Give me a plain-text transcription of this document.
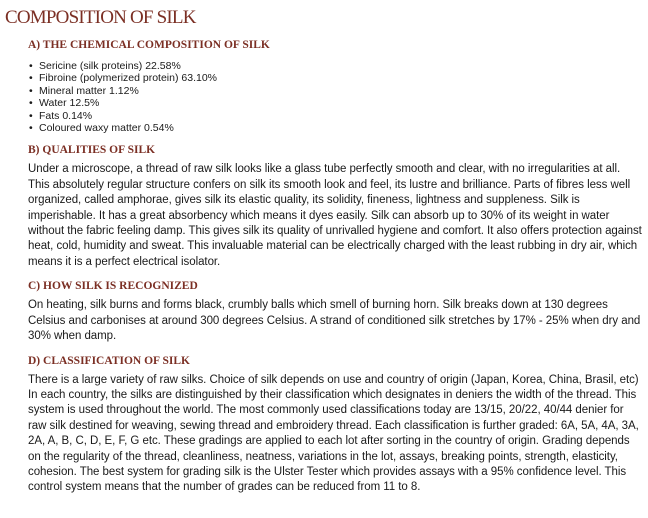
COMPOSITION OF SILK
A) THE CHEMICAL COMPOSITION OF SILK
• Sericine (silk proteins) 22.58%
• Fibroine (polymerized protein) 63.10%
• Mineral matter 1.12%
• Water 12.5%
• Fats 0.14%
• Coloured waxy matter 0.54%
B) QUALITIES OF SILK

Under a microscope, a thread of raw silk looks like a glass tube perfectly smooth and clear, with no irregularities at all. This absolutely regular structure confers on silk its smooth look and feel, its lustre and brilliance. Parts of fibres less well organized, called amphorae, gives silk its elastic quality, its solidity, fineness, lightness and suppleness. Silk is imperishable. It has a great absorbency which means it dyes easily. Silk can absorb up to 30% of its weight in water without the fabric feeling damp. This gives silk its quality of unrivalled hygiene and comfort. It also offers protection against heat, cold, humidity and sweat. This invaluable material can be electrically charged with the least rubbing in dry air, which means it is a perfect electrical isolator.

C) HOW SILK IS RECOGNIZED

On heating, silk burns and forms black, crumbly balls which smell of burning horn. Silk breaks down at 130 degrees Celsius and carbonises at around 300 degrees Celsius. A strand of conditioned silk stretches by 17% - 25% when dry and 30% when damp.

D) CLASSIFICATION OF SILK

There is a large variety of raw silks. Choice of silk depends on use and country of origin (Japan, Korea, China, Brasil, etc)

In each country, the silks are distinguished by their classification which designates in deniers the width of the thread. This system is used throughout the world. The most commonly used classifications today are 13/15, 20/22, 40/44 denier for raw silk destined for weaving, sewing thread and embroidery thread. Each classification is further graded: 6A, 5A, 4A, 3A, 2A, A, B, C, D, E, F, G etc. These gradings are applied to each lot after sorting in the country of origin. Grading depends on the regularity of the thread, cleanliness, neatness, variations in the lot, assays, breaking points, strength, elasticity, cohesion. The best system for grading silk is the Ulster Tester which provides assays with a 95% confidence level. This control system means that the number of grades can be reduced from 11 to 8.
